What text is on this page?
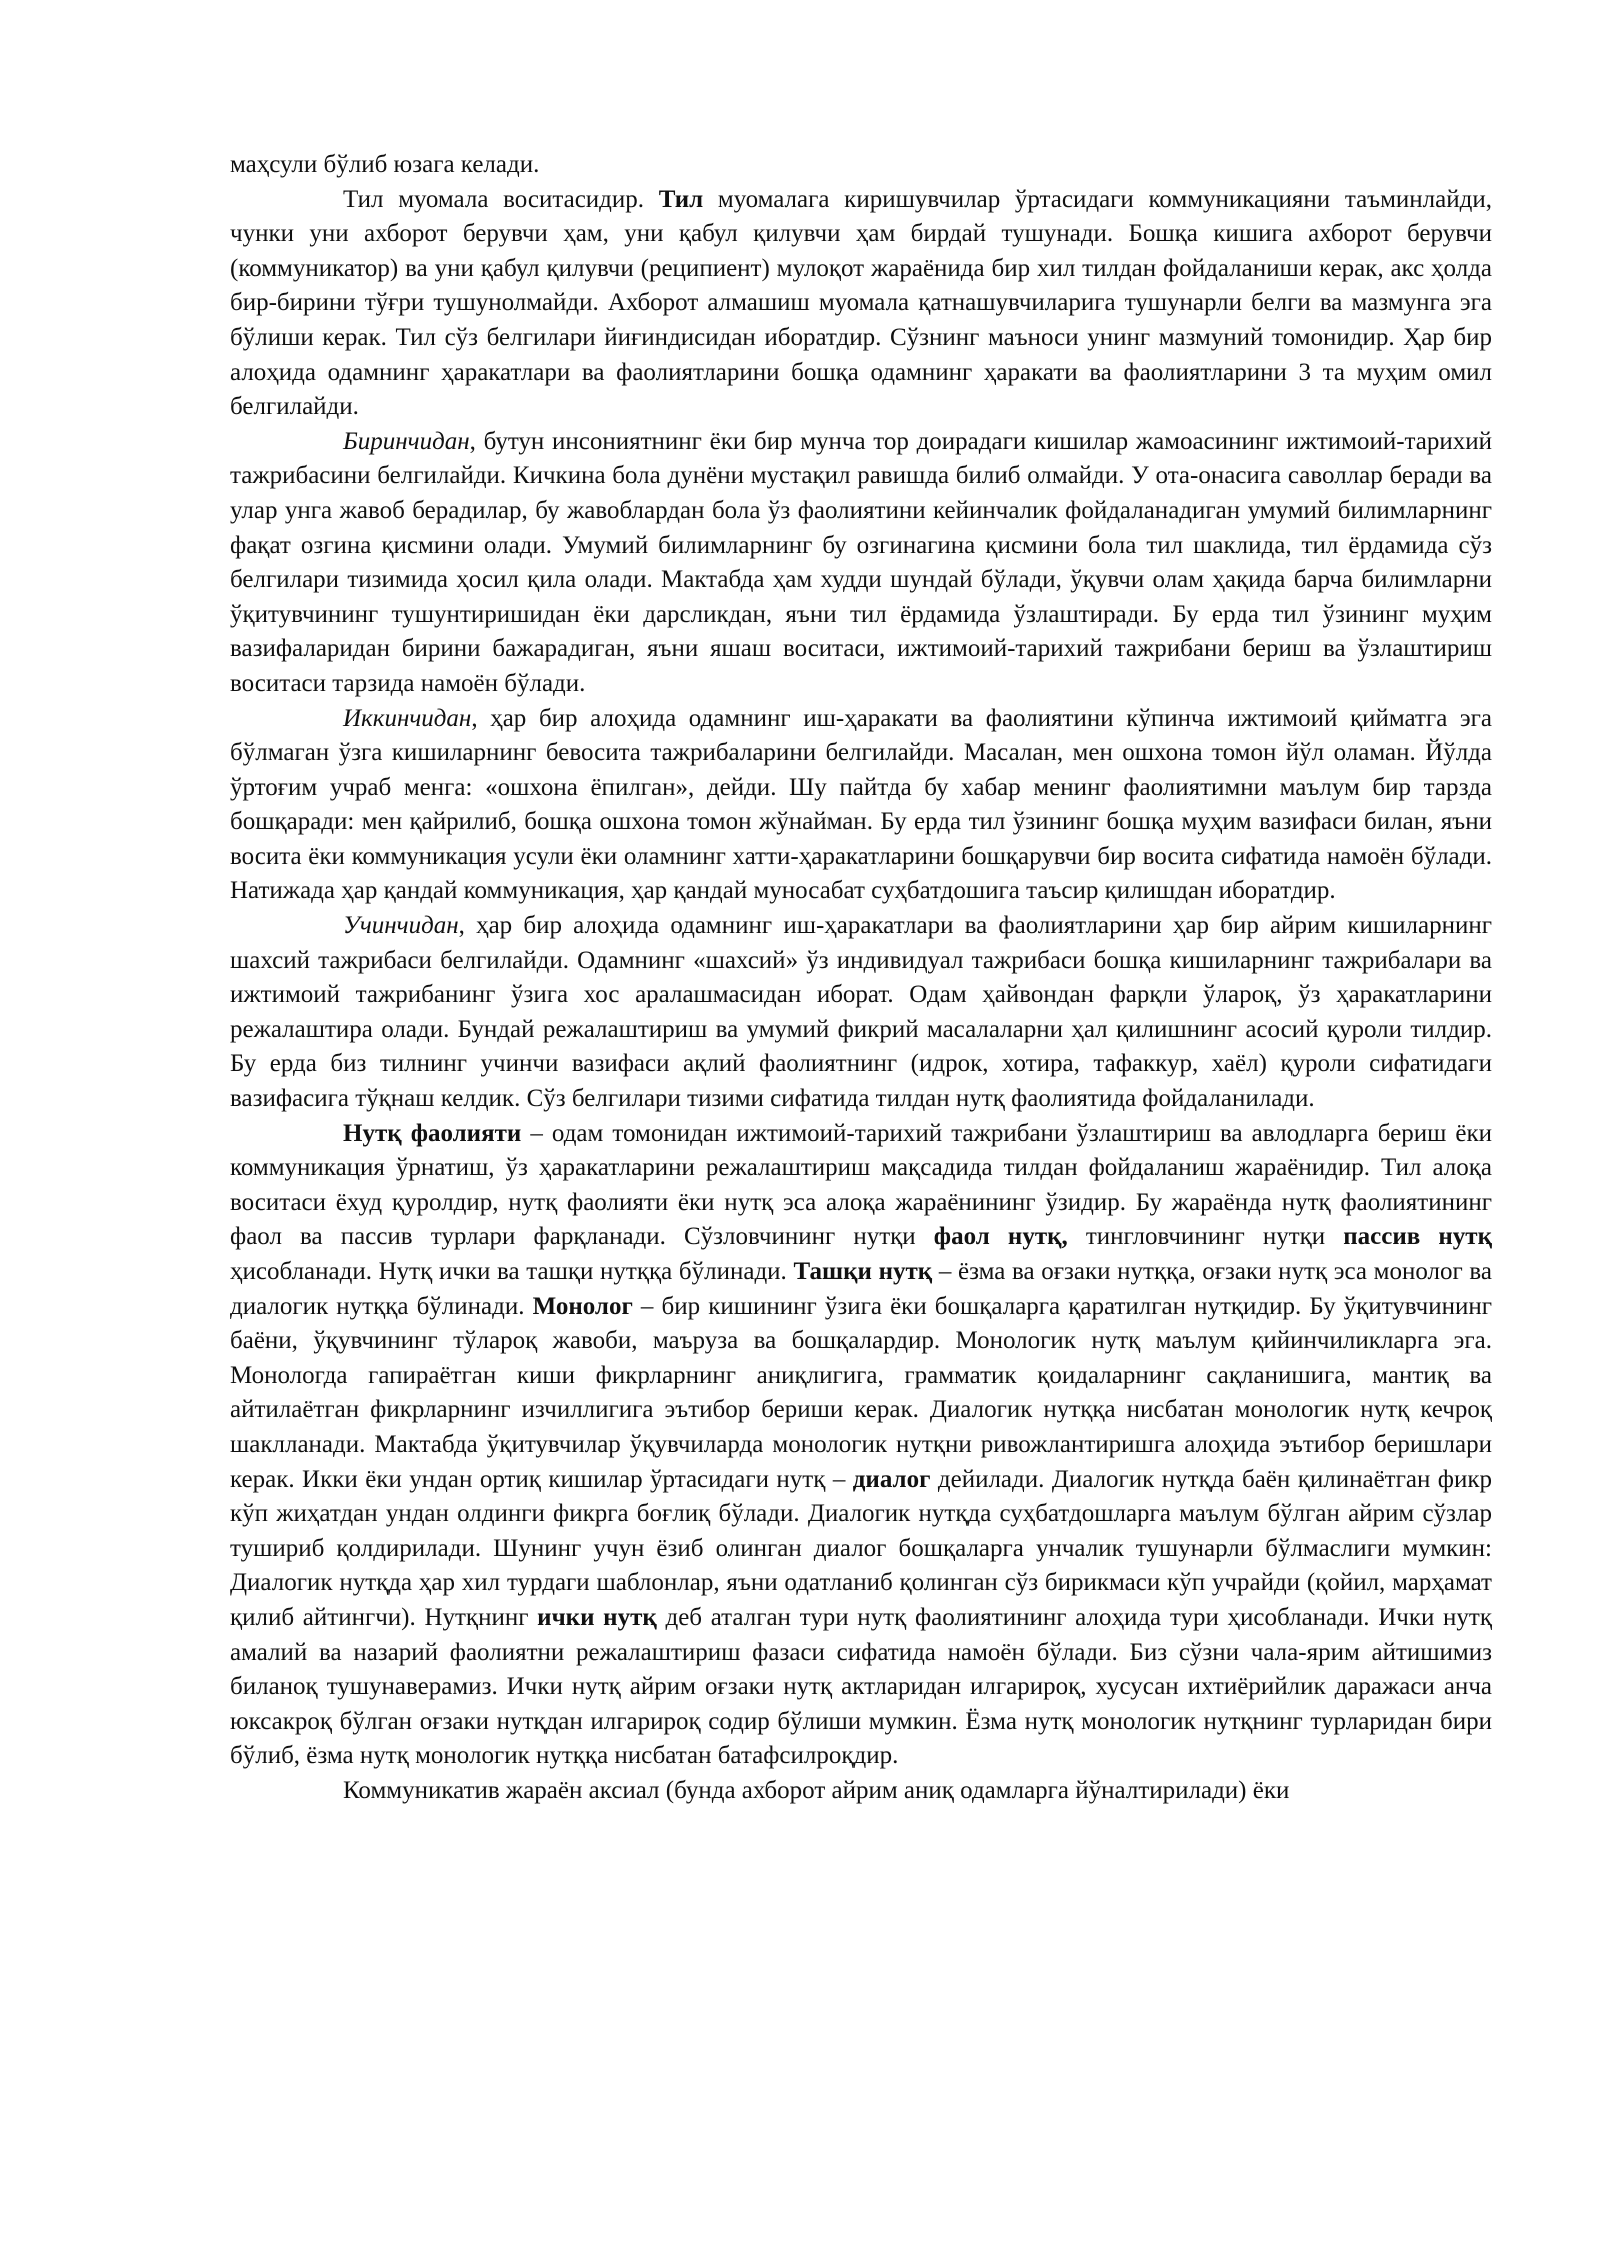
маҳсули бўлиб юзага келади.

Тил муомала воситасидир. Тил муомалага киришувчилар ўртасидаги коммуникацияни таъминлайди, чунки уни ахборот берувчи ҳам, уни қабул қилувчи ҳам бирдай тушунади. Бошқа кишига ахборот берувчи (коммуникатор) ва уни қабул қилувчи (реципиент) мулоқот жараёнида бир хил тилдан фойдаланиши керак, акс ҳолда бир-бирини тўғри тушунолмайди. Ахборот алмашиш муомала қатнашувчиларига тушунарли белги ва мазмунга эга бўлиши керак. Тил сўз белгилари йиғиндисидан иборатдир. Сўзнинг маъноси унинг мазмуний томонидир. Ҳар бир алоҳида одамнинг ҳаракатлари ва фаолиятларини бошқа одамнинг ҳаракати ва фаолиятларини 3 та муҳим омил белгилайди.

Биринчидан, бутун инсониятнинг ёки бир мунча тор доирадаги кишилар жамоасининг ижтимоий-тарихий тажрибасини белгилайди. Кичкина бола дунёни мустақил равишда билиб олмайди. У ота-онасига саволлар беради ва улар унга жавоб берадилар, бу жавоблардан бола ўз фаолиятини кейинчалик фойдаланадиган умумий билимларнинг фақат озгина қисмини олади. Умумий билимларнинг бу озгинагина қисмини бола тил шаклида, тил ёрдамида сўз белгилари тизимида ҳосил қила олади. Мактабда ҳам худди шундай бўлади, ўқувчи олам ҳақида барча билимларни ўқитувчининг тушунтиришидан ёки дарсликдан, яъни тил ёрдамида ўзлаштиради. Бу ерда тил ўзининг муҳим вазифаларидан бирини бажарадиган, яъни яшаш воситаси, ижтимоий-тарихий тажрибани бериш ва ўзлаштириш воситаси тарзида намоён бўлади.

Иккинчидан, ҳар бир алоҳида одамнинг иш-ҳаракати ва фаолиятини кўпинча ижтимоий қийматга эга бўлмаган ўзга кишиларнинг бевосита тажрибаларини белгилайди. Масалан, мен ошхона томон йўл оламан. Йўлда ўртоғим учраб менга: «ошхона ёпилган», дейди. Шу пайтда бу хабар менинг фаолиятимни маълум бир тарзда бошқаради: мен қайрилиб, бошқа ошхона томон жўнайман. Бу ерда тил ўзининг бошқа муҳим вазифаси билан, яъни восита ёки коммуникация усули ёки оламнинг хатти-ҳаракатларини бошқарувчи бир восита сифатида намоён бўлади. Натижада ҳар қандай коммуникация, ҳар қандай муносабат суҳбатдошига таъсир қилишдан иборатдир.

Учинчидан, ҳар бир алоҳида одамнинг иш-ҳаракатлари ва фаолиятларини ҳар бир айрим кишиларнинг шахсий тажрибаси белгилайди. Одамнинг «шахсий» ўз индивидуал тажрибаси бошқа кишиларнинг тажрибалари ва ижтимоий тажрибанинг ўзига хос аралашмасидан иборат. Одам ҳайвондан фарқли ўлароқ, ўз ҳаракатларини режалаштира олади. Бундай режалаштириш ва умумий фикрий масалаларни ҳал қилишнинг асосий қуроли тилдир. Бу ерда биз тилнинг учинчи вазифаси ақлий фаолиятнинг (идрок, хотира, тафаккур, хаёл) қуроли сифатидаги вазифасига тўқнаш келдик. Сўз белгилари тизими сифатида тилдан нутқ фаолиятида фойдаланилади.

Нутқ фаолияти – одам томонидан ижтимоий-тарихий тажрибани ўзлаштириш ва авлодларга бериш ёки коммуникация ўрнатиш, ўз ҳаракатларини режалаштириш мақсадида тилдан фойдаланиш жараёнидир. Тил алоқа воситаси ёхуд қуролдир, нутқ фаолияти ёки нутқ эса алоқа жараёнининг ўзидир. Бу жараёнда нутқ фаолиятининг фаол ва пассив турлари фарқланади. Сўзловчининг нутқи фаол нутқ, тингловчининг нутқи пассив нутқ ҳисобланади. Нутқ ички ва ташқи нутққа бўлинади. Ташқи нутқ – ёзма ва оғзаки нутққа, оғзаки нутқ эса монолог ва диалогик нутққа бўлинади. Монолог – бир кишининг ўзига ёки бошқаларга қаратилган нутқидир. Бу ўқитувчининг баёни, ўқувчининг тўлароқ жавоби, маъруза ва бошқалардир. Монологик нутқ маълум қийинчиликларга эга. Монологда гапираётган киши фикрларнинг аниқлигига, грамматик қоидаларнинг сақланишига, мантиқ ва айтилаётган фикрларнинг изчиллигига эътибор бериши керак. Диалогик нутққа нисбатан монологик нутқ кечроқ шаклланади. Мактабда ўқитувчилар ўқувчиларда монологик нутқни ривожлантиришга алоҳида эътибор беришлари керак. Икки ёки ундан ортиқ кишилар ўртасидаги нутқ – диалог дейилади. Диалогик нутқда баён қилинаётган фикр кўп жиҳатдан ундан олдинги фикрга боғлиқ бўлади. Диалогик нутқда суҳбатдошларга маълум бўлган айрим сўзлар тушириб қолдирилади. Шунинг учун ёзиб олинган диалог бошқаларга унчалик тушунарли бўлмаслиги мумкин: Диалогик нутқда ҳар хил турдаги шаблонлар, яъни одатланиб қолинган сўз бирикмаси кўп учрайди (қойил, марҳамат қилиб айтингчи). Нутқнинг ички нутқ деб аталган тури нутқ фаолиятининг алоҳида тури ҳисобланади. Ички нутқ амалий ва назарий фаолиятни режалаштириш фазаси сифатида намоён бўлади. Биз сўзни чала-ярим айтишимиз биланоқ тушунаверамиз. Ички нутқ айрим оғзаки нутқ актларидан илгарироқ, хусусан ихтиёрийлик даражаси анча юксакроқ бўлган оғзаки нутқдан илгарироқ содир бўлиши мумкин. Ёзма нутқ монологик нутқнинг турларидан бири бўлиб, ёзма нутқ монологик нутққа нисбатан батафсилроқдир.

Коммуникатив жараён аксиал (бунда ахборот айрим аниқ одамларга йўналтирилади) ёки
